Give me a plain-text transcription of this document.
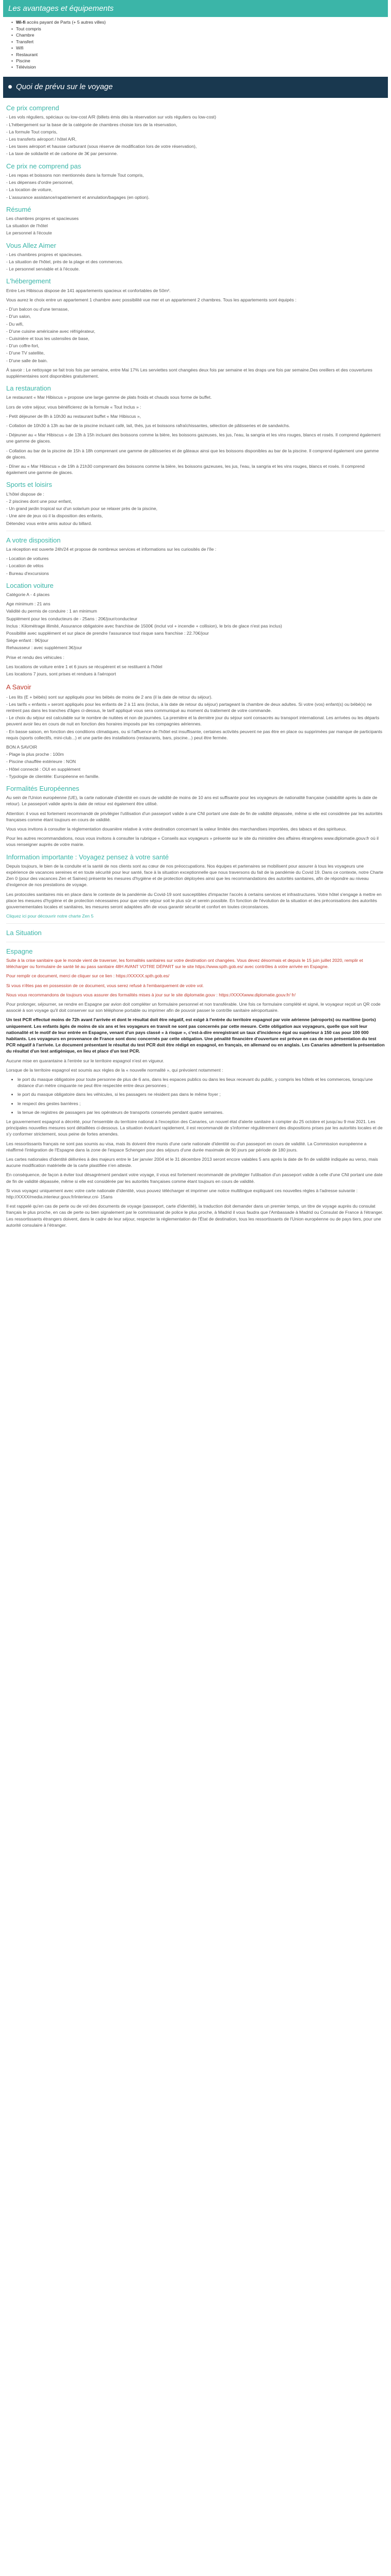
Les avantages et équipements
• Wi-fi accès payant de Parts (+ 5 autres villes)
• Tout compris
• Chambre
• Transfert
• Wifi
• Restaurant
• Piscine
• Télévision
Quoi de prévu sur le voyage
Ce prix comprend

- Les vols réguliers, spéciaux ou low-cost A/R (billets émis dès la réservation sur vols réguliers ou low-cost)

- L'hébergement sur la base de la catégorie de chambres choisie lors de la réservation,

- La formule Tout compris,

- Les transferts aéroport / hôtel A/R,

- Les taxes aéroport et hausse carburant (sous réserve de modification lors de votre réservation),

- La taxe de solidarité et de carbone de 3€ par personne.

Ce prix ne comprend pas

- Les repas et boissons non mentionnés dans la formule Tout compris,

- Les dépenses d'ordre personnel,

- La location de voiture,

- L'assurance assistance/rapatriement et annulation/bagages (en option).

Résumé

Les chambres propres et spacieuses

La situation de l'hôtel

Le personnel à l'écoute

Vous Allez Aimer

- Les chambres propres et spacieuses.

- La situation de l'hôtel, près de la plage et des commerces.

- Le personnel serviable et à l'écoute.

L'hébergement

Entre Les Hibiscus dispose de 141 appartements spacieux et confortables de 50m².

Vous aurez le choix entre un appartement 1 chambre avec possibilité vue mer et un appartement 2 chambres. Tous les appartements sont équipés :

- D'un balcon ou d'une terrasse,

- D'un salon,

- Du wifi,

- D'une cuisine américaine avec réfrigérateur,

- Cuisinière et tous les ustensiles de base,

- D'un coffre-fort,

- D'une TV satellite,

- D'une salle de bain.

À savoir : Le nettoyage se fait trois fois par semaine, entre Mai 17% Les serviettes sont changées deux fois par semaine et les draps une fois par semaine.Des oreillers et des couvertures supplémentaires sont disponibles gratuitement.

La restauration

Le restaurant « Mar Hibiscus » propose une large gamme de plats froids et chauds sous forme de buffet.

Lors de votre séjour, vous bénéficierez de la formule « Tout Inclus » :

- Petit déjeuner de 8h à 10h30 au restaurant buffet « Mar Hibiscus »,

- Collation de 10h30 à 13h au bar de la piscine incluant café, lait, thés, jus et boissons rafraîchissantes, sélection de pâtisseries et de sandwichs.

- Déjeuner au « Mar Hibiscus » de 13h à 15h incluant des boissons comme la bière, les boissons gazeuses, les jus, l'eau, la sangria et les vins rouges, blancs et rosés. Il comprend également une gamme de glaces.

- Collation au bar de la piscine de 15h à 18h comprenant une gamme de pâtisseries et de gâteaux ainsi que les boissons disponibles au bar de la piscine. Il comprend également une gamme de glaces.

- Dîner au « Mar Hibiscus » de 19h à 21h30 comprenant des boissons comme la bière, les boissons gazeuses, les jus, l'eau, la sangria et les vins rouges, blancs et rosés. Il comprend également une gamme de glaces.

Sports et loisirs

L'hôtel dispose de :

- 2 piscines dont une pour enfant,

- Un grand jardin tropical sur d'un solarium pour se relaxer près de la piscine,

- Une aire de jeux où il la disposition des enfants,

Détendez vous entre amis autour du billard.

A votre disposition

La réception est ouverte 24h/24 et propose de nombreux services et informations sur les curiosités de l'île :

- Location de voitures

- Location de vélos

- Bureau d'excursions

Location voiture

Catégorie A - 4 places

Age minimum : 21 ans

Validité du permis de conduire : 1 an minimum

Supplément pour les conducteurs de - 25ans : 20€/jour/conducteur

Inclus : Kilométrage illimité, Assurance obligatoire avec franchise de 1500€ (inclut vol + incendie + collision), le bris de glace n'est pas inclus)

Possibilité avec supplément et sur place de prendre l'assurance tout risque sans franchise : 22.70€/jour

Siège enfant : 9€/jour

Rehausseur : avec supplément 3€/jour

Prise et rendu des véhicules :

Les locations de voiture entre 1 et 6 jours se récupèrent et se restituent à l'hôtel

Les locations 7 jours, sont prises et rendues à l'aéroport

A Savoir

- Les lits (E + bébés) sont sur appliqués pour les bébés de moins de 2 ans (il la date de retour du séjour).

- Les tarifs « enfants » seront appliqués pour les enfants de 2 à 11 ans (inclus, à la date de retour du séjour) partageant la chambre de deux adultes. Si votre (vos) enfant(s) ou bébé(s) ne rentrent pas dans les tranches d'âges ci-dessus, le tarif appliqué vous sera communiqué au moment du traitement de votre commande.

- Le choix du séjour est calculable sur le nombre de nuitées et non de journées. La première et la dernière jour du séjour sont consacrés au transport international. Les arrivées ou les départs peuvent avoir lieu en cours de nuit en fonction des horaires imposés par les compagnies aériennes.

- En basse saison, en fonction des conditions climatiques, ou si l'affluence de l'hôtel est insuffisante, certaines activités peuvent ne pas être en place ou supprimées par manque de participants requis (sports collectifs, mini-club...) et une partie des installations (restaurants, bars, piscine...) peut être fermée.

BON A SAVOIR

- Plage la plus proche : 100m

- Piscine chauffée extérieure : NON

- Hôtel connecté : OUI en supplément

- Typologie de clientèle: Européenne en famille.

Formalités Européennes

Au sein de l'Union européenne (UE), la carte nationale d'identité en cours de validité de moins de 10 ans est suffisante pour les voyageurs de nationalité française (valabilité après la date de retour). Le passeport valide après la date de retour est également être utilisé.

Attention: il vous est fortement recommandé de privilégier l'utilisation d'un passeport valide à une CNI portant une date de fin de validité dépassée, même si elle est considérée par les autorités françaises comme étant toujours en cours de validité.

Vous vous invitons à consulter la réglementation douanière relative à votre destination concernant la valeur limitée des marchandises importées, des tabacs et des spiritueux.

Pour les autres recommandations, nous vous invitons à consulter la rubrique « Conseils aux voyageurs » présente sur le site du ministère des affaires étrangères www.diplomatie.gouv.fr où il vous renseigner auprès de votre mairie.

Information importante : Voyagez pensez à votre santé

Depuis toujours, le bien de la conduite et la santé de nos clients sont au cœur de nos préoccupations. Nos équipes et partenaires se mobilisent pour assurer à tous les voyageurs une expérience de vacances sereines et en toute sécurité pour leur santé, face à la situation exceptionnelle que nous traversons du fait de la pandémie du Covid 19. Dans ce contexte, notre Charte Zen 0 (pour des vacances Zen et Saines) présente les mesures d'hygiène et de protection déployées ainsi que les recommandations des autorités sanitaires, afin de répondre au niveau d'exigence de nos prestations de voyage.

Les protocoles sanitaires mis en place dans le contexte de la pandémie du Covid-19 sont susceptibles d'impacter l'accès à certains services et infrastructures. Votre hôtel s'engage à mettre en place les mesures d'hygiène et de protection nécessaires pour que votre séjour soit le plus sûr et serein possible. En fonction de l'évolution de la situation et des préconisations des autorités gouvernementales locales et sanitaires, les mesures seront adaptées afin de vous garantir sécurité et confort en toutes circonstances.

Cliquez ici pour découvrir notre charte Zen 5

La Situation
Espagne

Suite à la crise sanitaire que le monde vient de traverser, les formalités sanitaires sur votre destination ont changées. Vous devez désormais et depuis le 15 juin juillet 2020, remplir et télécharger ou formulaire de santé lié au pass sanitaire 48H AVANT VOTRE DÉPART sur le site https://www.spth.gob.es/ avec contrôles à votre arrivée en Espagne.

Pour remplir ce document, merci de cliquer sur ce lien : https://XXXXX.spth.gob.es/

Si vous n'êtes pas en possession de ce document, vous serez refusé à l'embarquement de votre vol.

Nous vous recommandons de toujours vous assurer des formalités mises à jour sur le site diplomatie.gouv : https://XXXXwww.diplomatie.gouv.fr/ fr/

Pour prolonger, séjourner, se rendre en Espagne par avion doit compléter un formulaire personnel et non transférable. Une fois ce formulaire complété et signé, le voyageur reçoit un QR code associé à son voyage qu'il doit conserver sur son téléphone portable ou imprimer afin de pouvoir passer le contrôle sanitaire aéroportuaire.

Un test PCR effectué moins de 72h avant l'arrivée et dont le résultat doit être négatif, est exigé à l'entrée du territoire espagnol par voie aérienne (aéroports) ou maritime (ports) uniquement. Les enfants âgés de moins de six ans et les voyageurs en transit ne sont pas concernés par cette mesure. Cette obligation aux voyageurs, quelle que soit leur nationalité et le motif de leur entrée en Espagne, venant d'un pays classé « à risque », c'est-à-dire enregistrant un taux d'incidence égal ou supérieur à 150 cas pour 100 000 habitants. Les voyageurs en provenance de France sont donc concernés par cette obligation. Une pénalité financière d'ouverture est prévue en cas de non présentation du test PCR négatif à l'arrivée. Le document présentant le résultat du test PCR doit être rédigé en espagnol, en français, en allemand ou en anglais. Les Canaries admettent la présentation du résultat d'un test antigénique, en lieu et place d'un test PCR.

Aucune mise en quarantaine à l'entrée sur le territoire espagnol n'est en vigueur.

Lorsque de la territoire espagnol est soumis aux règles de la « nouvelle normalité », qui prévoient notamment :

• le port du masque obligatoire pour toute personne de plus de 6 ans, dans les espaces publics ou dans les lieux recevant du public, y compris les hôtels et les commerces, lorsqu'une distance d'un mètre cinquante ne peut être respectée entre deux personnes ;
• le port du masque obligatoire dans les véhicules, si les passagers ne résident pas dans le même foyer ;
• le respect des gestes barrières ;
• la tenue de registres de passagers par les opérateurs de transports conservés pendant quatre semaines.

Le gouvernement espagnol a décrété, pour l'ensemble du territoire national à l'exception des Canaries, un nouvel état d'alerte sanitaire à compter du 25 octobre et jusqu'au 9 mai 2021. Les principales nouvelles mesures sont détaillées ci-dessous. La situation évoluant rapidement, il est recommandé de s'informer régulièrement des dispositions prises par les autorités locales et de s'y conformer strictement, sous peine de fortes amendes.

Les ressortissants français ne sont pas soumis au visa, mais ils doivent être munis d'une carte nationale d'identité ou d'un passeport en cours de validité. La Commission européenne a réaffirmé l'intégration de l'Espagne dans la zone de l'espace Schengen pour des séjours d'une durée maximale de 90 jours par période de 180 jours.

Les cartes nationales d'identité délivrées à des majeurs entre le 1er janvier 2004 et le 31 décembre 2013 seront encore valables 5 ans après la date de fin de validité indiquée au verso, mais aucune modification matérielle de la carte plastifiée n'en atteste.

En conséquence, de façon à éviter tout désagrément pendant votre voyage, il vous est fortement recommandé de privilégier l'utilisation d'un passeport valide à celle d'une CNI portant une date de fin de validité dépassée, même si elle est considérée par les autorités françaises comme étant toujours en cours de validité.

Si vous voyagez uniquement avec votre carte nationale d'identité, vous pouvez télécharger et imprimer une notice multilingue expliquant ces nouvelles règles à l'adresse suivante : http://XXXX/media.interieur.gouv.fr/interieur.cni- 15ans

Il est rappelé qu'en cas de perte ou de vol des documents de voyage (passeport, carte d'identité), la traduction doit demander dans un premier temps, un titre de voyage auprès du consulat français le plus proche, en cas de perte ou bien signalement par le commissariat de police le plus proche, à Madrid il vous faudra que l'Ambassade à Madrid ou Consulat de France à l'étranger. Les ressortissants étrangers doivent, dans le cadre de leur séjour, respecter la réglementation de l'État de destination, tous les ressortissants de l'Union européenne ou de pays tiers, pour une autorité consulaire à l'étranger.
